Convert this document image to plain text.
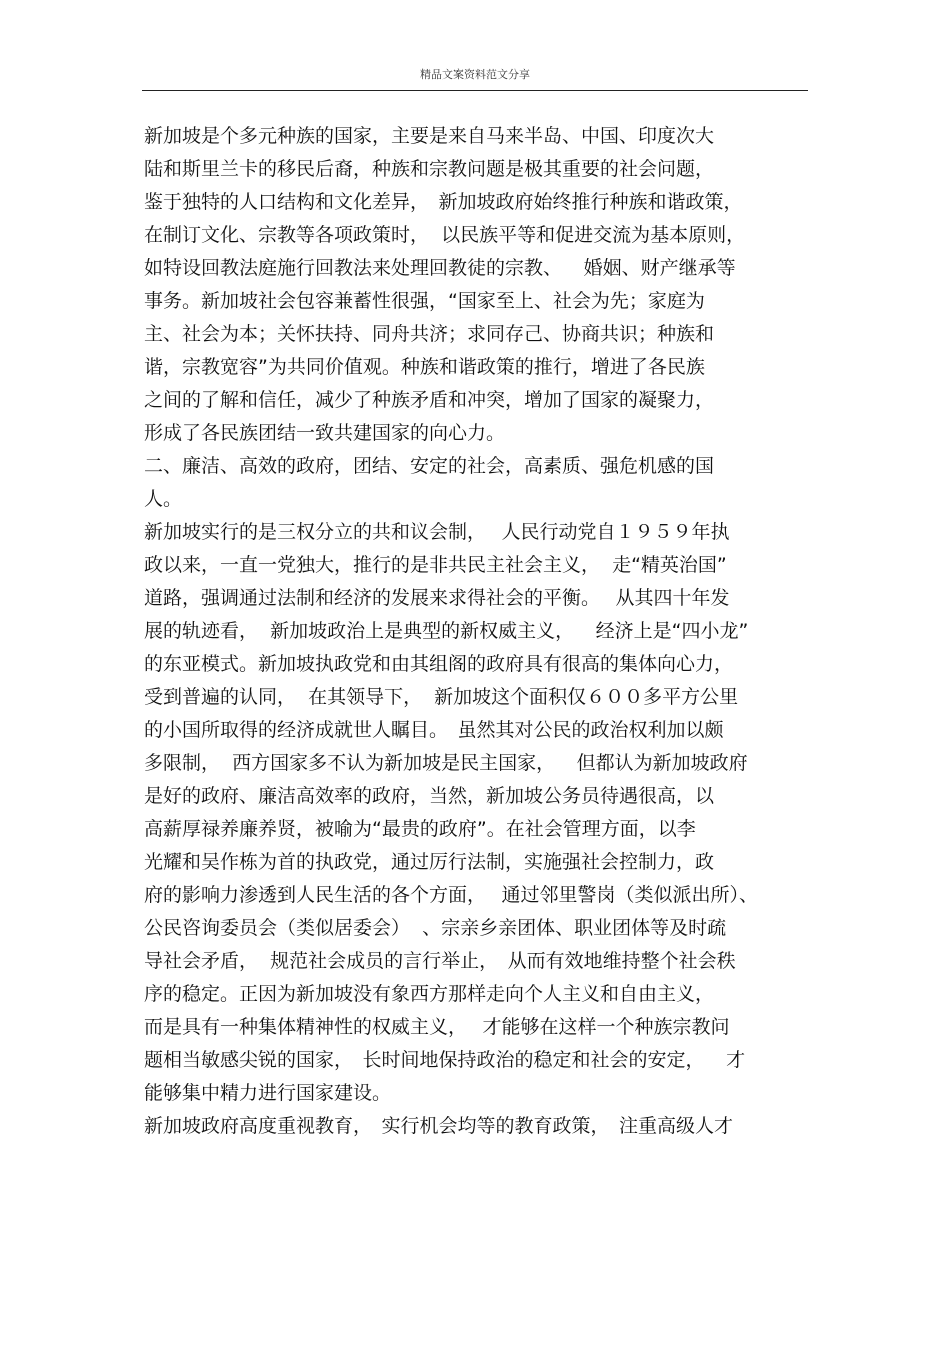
精品文案资料范文分享
新加坡是个多元种族的国家，主要是来自马来半岛、中国、印度次大
陆和斯里兰卡的移民后裔，种族和宗教问题是极其重要的社会问题，
鉴于独特的人口结构和文化差异，　新加坡政府始终推行种族和谐政策，
在制订文化、宗教等各项政策时，  以民族平等和促进交流为基本原则，
如特设回教法庭施行回教法来处理回教徒的宗教、　  婚姻、财产继承等
事务。新加坡社会包容兼蓄性很强，“国家至上、社会为先；家庭为
主、社会为本；关怀扶持、同舟共济；求同存己、协商共识；种族和
谐，宗教宽容”为共同价值观。种族和谐政策的推行，增进了各民族
之间的了解和信任，减少了种族矛盾和冲突，增加了国家的凝聚力，
形成了各民族团结一致共建国家的向心力。
二、廉洁、高效的政府，团结、安定的社会，高素质、强危机感的国
人。
新加坡实行的是三权分立的共和议会制，　 人民行动党自１９５９年执
政以来，一直一党独大，推行的是非共民主社会主义，  走“精英治国”
道路，强调通过法制和经济的发展来求得社会的平衡。　 从其四十年发
展的轨迹看，  新加坡政治上是典型的新权威主义，　  经济上是“四小龙”
的东亚模式。新加坡执政党和由其组阁的政府具有很高的集体向心力，
受到普遍的认同，  在其领导下，  新加坡这个面积仅６００多平方公里
的小国所取得的经济成就世人瞩目。　虽然其对公民的政治权利加以颇
多限制，  西方国家多不认为新加坡是民主国家，　  但都认为新加坡政府
是好的政府、廉洁高效率的政府，当然，新加坡公务员待遇很高，以
高薪厚禄养廉养贤，被喻为“最贵的政府”。在社会管理方面，以李
光耀和吴作栋为首的执政党，通过厉行法制，实施强社会控制力，政
府的影响力渗透到人民生活的各个方面，　 通过邻里警岗（类似派出所）、
公民咨询委员会（类似居委会）  、宗亲乡亲团体、职业团体等及时疏
导社会矛盾，  规范社会成员的言行举止，　从而有效地维持整个社会秩
序的稳定。正因为新加坡没有象西方那样走向个人主义和自由主义，
而是具有一种集体精神性的权威主义，　 才能够在这样一个种族宗教问
题相当敏感尖锐的国家，　长时间地保持政治的稳定和社会的安定，　  才
能够集中精力进行国家建设。
新加坡政府高度重视教育，　实行机会均等的教育政策，　注重高级人才
